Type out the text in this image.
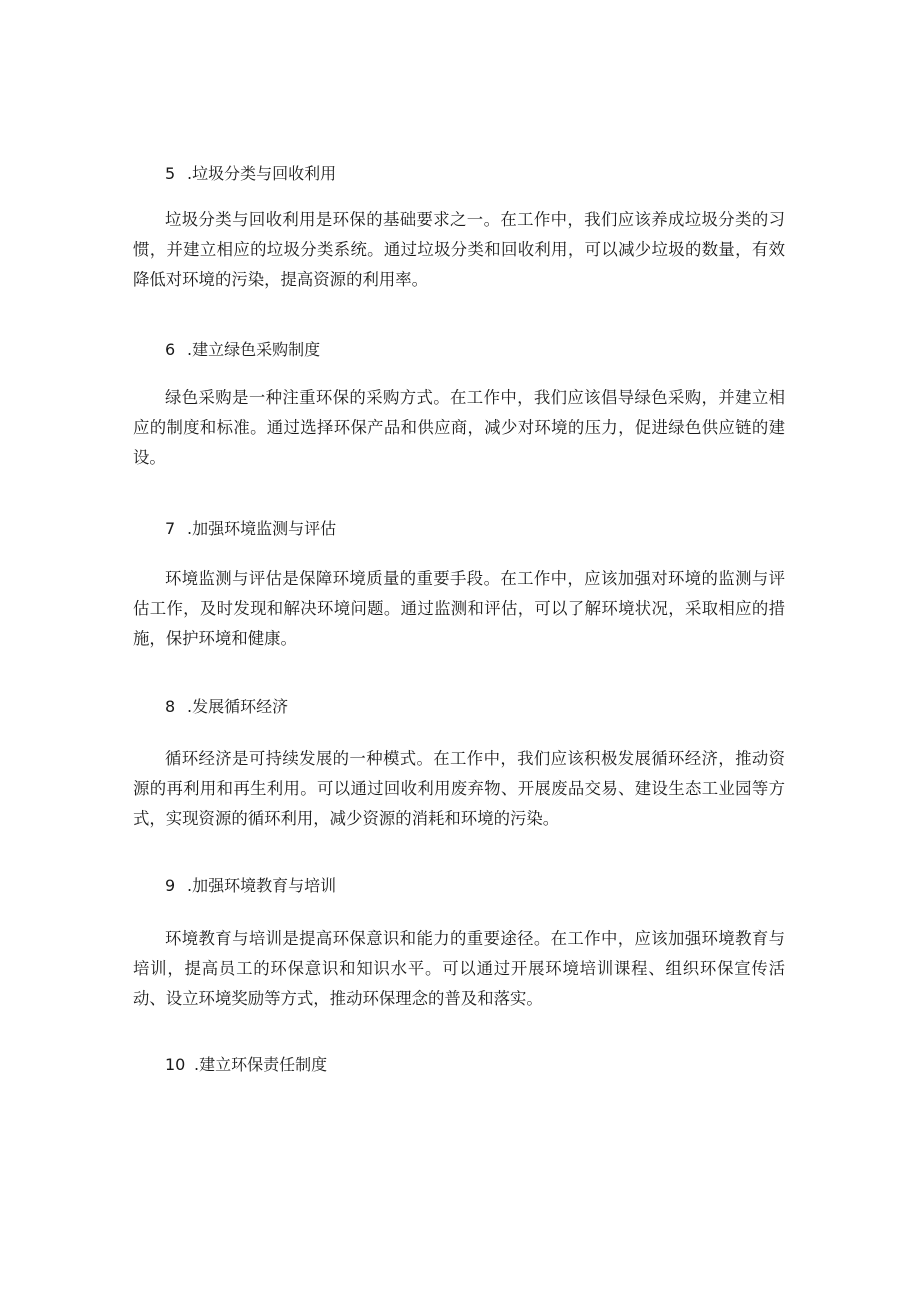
5 .垃圾分类与回收利用

垃圾分类与回收利用是环保的基础要求之一。在工作中，我们应该养成垃圾分类的习惯，并建立相应的垃圾分类系统。通过垃圾分类和回收利用，可以减少垃圾的数量，有效降低对环境的污染，提高资源的利用率。

6 .建立绿色采购制度

绿色采购是一种注重环保的采购方式。在工作中，我们应该倡导绿色采购，并建立相应的制度和标准。通过选择环保产品和供应商，减少对环境的压力，促进绿色供应链的建设。

7 .加强环境监测与评估

环境监测与评估是保障环境质量的重要手段。在工作中，应该加强对环境的监测与评估工作，及时发现和解决环境问题。通过监测和评估，可以了解环境状况，采取相应的措施，保护环境和健康。

8 .发展循环经济

循环经济是可持续发展的一种模式。在工作中，我们应该积极发展循环经济，推动资源的再利用和再生利用。可以通过回收利用废弃物、开展废品交易、建设生态工业园等方式，实现资源的循环利用，减少资源的消耗和环境的污染。

9 .加强环境教育与培训

环境教育与培训是提高环保意识和能力的重要途径。在工作中，应该加强环境教育与培训，提高员工的环保意识和知识水平。可以通过开展环境培训课程、组织环保宣传活动、设立环境奖励等方式，推动环保理念的普及和落实。

10 .建立环保责任制度
